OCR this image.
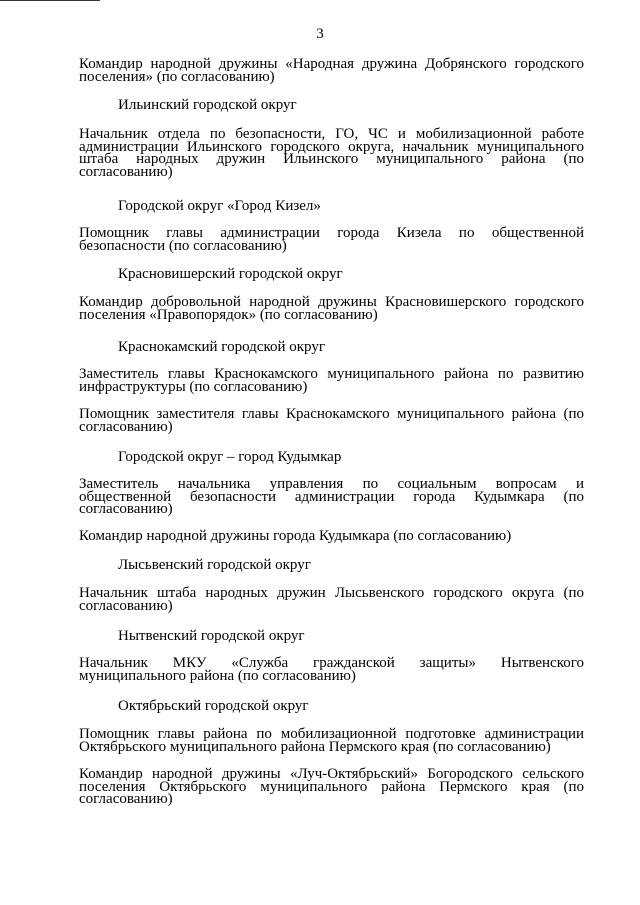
3
Командир народной дружины «Народная дружина Добрянского городского поселения» (по согласованию)
Ильинский городской округ
Начальник отдела по безопасности, ГО, ЧС и мобилизационной работе администрации Ильинского городского округа, начальник муниципального штаба народных дружин Ильинского муниципального района (по согласованию)
Городской округ «Город Кизел»
Помощник главы администрации города Кизела по общественной безопасности (по согласованию)
Красновишерский городской округ
Командир добровольной народной дружины Красновишерского городского поселения «Правопорядок» (по согласованию)
Краснокамский городской округ
Заместитель главы Краснокамского муниципального района по развитию инфраструктуры (по согласованию)
Помощник заместителя главы Краснокамского муниципального района (по согласованию)
Городской округ – город Кудымкар
Заместитель начальника управления по социальным вопросам и общественной безопасности администрации города Кудымкара (по согласованию)
Командир народной дружины города Кудымкара (по согласованию)
Лысьвенский городской округ
Начальник штаба народных дружин Лысьвенского городского округа (по согласованию)
Нытвенский городской округ
Начальник МКУ «Служба гражданской защиты» Нытвенского муниципального района (по согласованию)
Октябрьский городской округ
Помощник главы района по мобилизационной подготовке администрации Октябрьского муниципального района Пермского края (по согласованию)
Командир народной дружины «Луч-Октябрьский» Богородского сельского поселения Октябрьского муниципального района Пермского края (по согласованию)
